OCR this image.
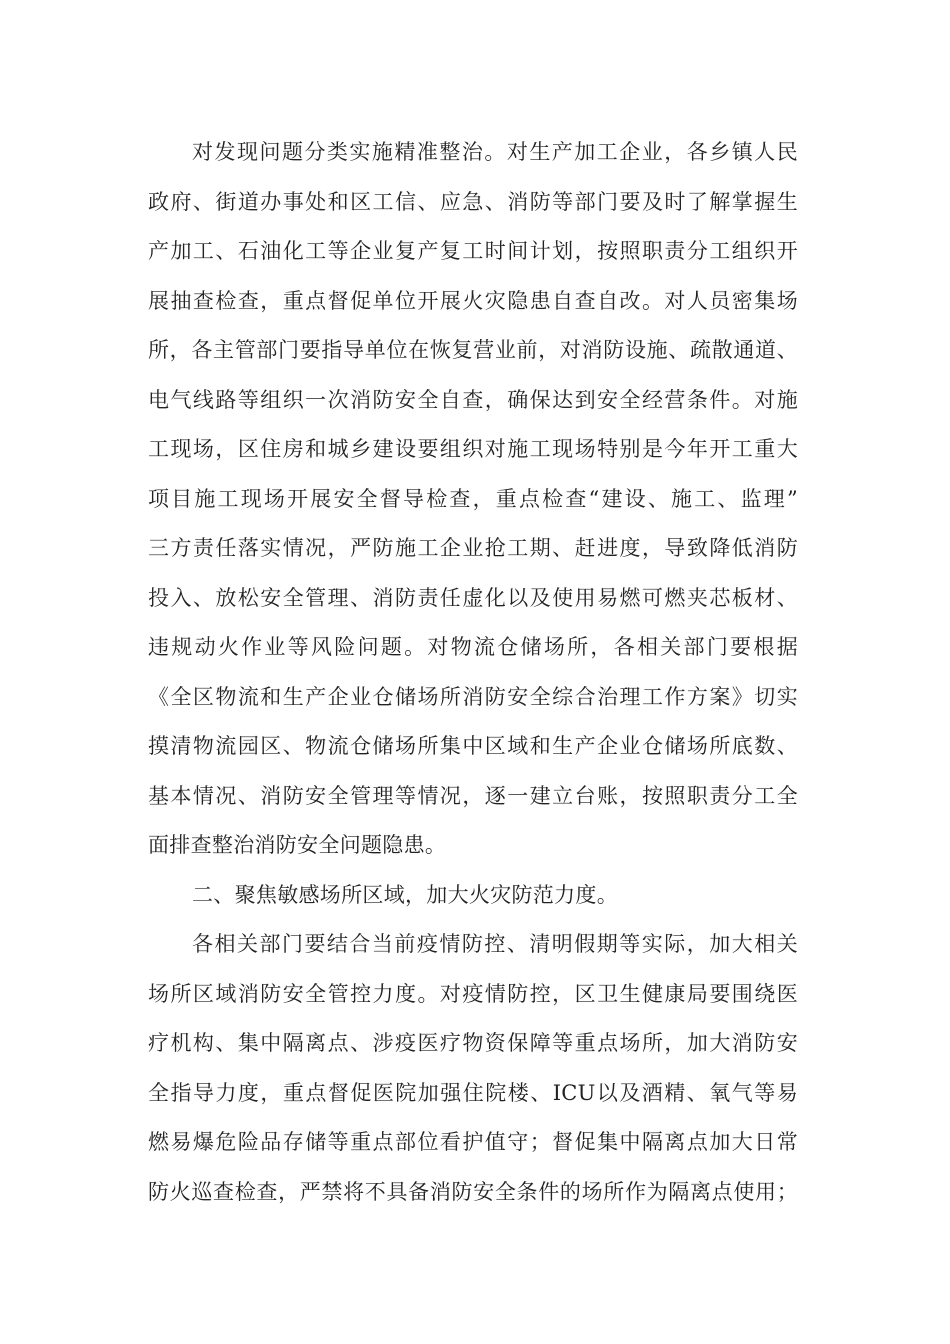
对发现问题分类实施精准整治。对生产加工企业，各乡镇人民
政府、街道办事处和区工信、应急、消防等部门要及时了解掌握生
产加工、石油化工等企业复产复工时间计划，按照职责分工组织开
展抽查检查，重点督促单位开展火灾隐患自查自改。对人员密集场
所，各主管部门要指导单位在恢复营业前，对消防设施、疏散通道、
电气线路等组织一次消防安全自查，确保达到安全经营条件。对施
工现场，区住房和城乡建设要组织对施工现场特别是今年开工重大
项目施工现场开展安全督导检查，重点检查“建设、施工、监理”
三方责任落实情况，严防施工企业抢工期、赶进度，导致降低消防
投入、放松安全管理、消防责任虚化以及使用易燃可燃夹芯板材、
违规动火作业等风险问题。对物流仓储场所，各相关部门要根据
《全区物流和生产企业仓储场所消防安全综合治理工作方案》切实
摸清物流园区、物流仓储场所集中区域和生产企业仓储场所底数、
基本情况、消防安全管理等情况，逐一建立台账，按照职责分工全
面排查整治消防安全问题隐患。
二、聚焦敏感场所区域，加大火灾防范力度。
各相关部门要结合当前疫情防控、清明假期等实际，加大相关
场所区域消防安全管控力度。对疫情防控，区卫生健康局要围绕医
疗机构、集中隔离点、涉疫医疗物资保障等重点场所，加大消防安
全指导力度，重点督促医院加强住院楼、ICU以及酒精、氧气等易
燃易爆危险品存储等重点部位看护值守；督促集中隔离点加大日常
防火巡查检查，严禁将不具备消防安全条件的场所作为隔离点使用；
